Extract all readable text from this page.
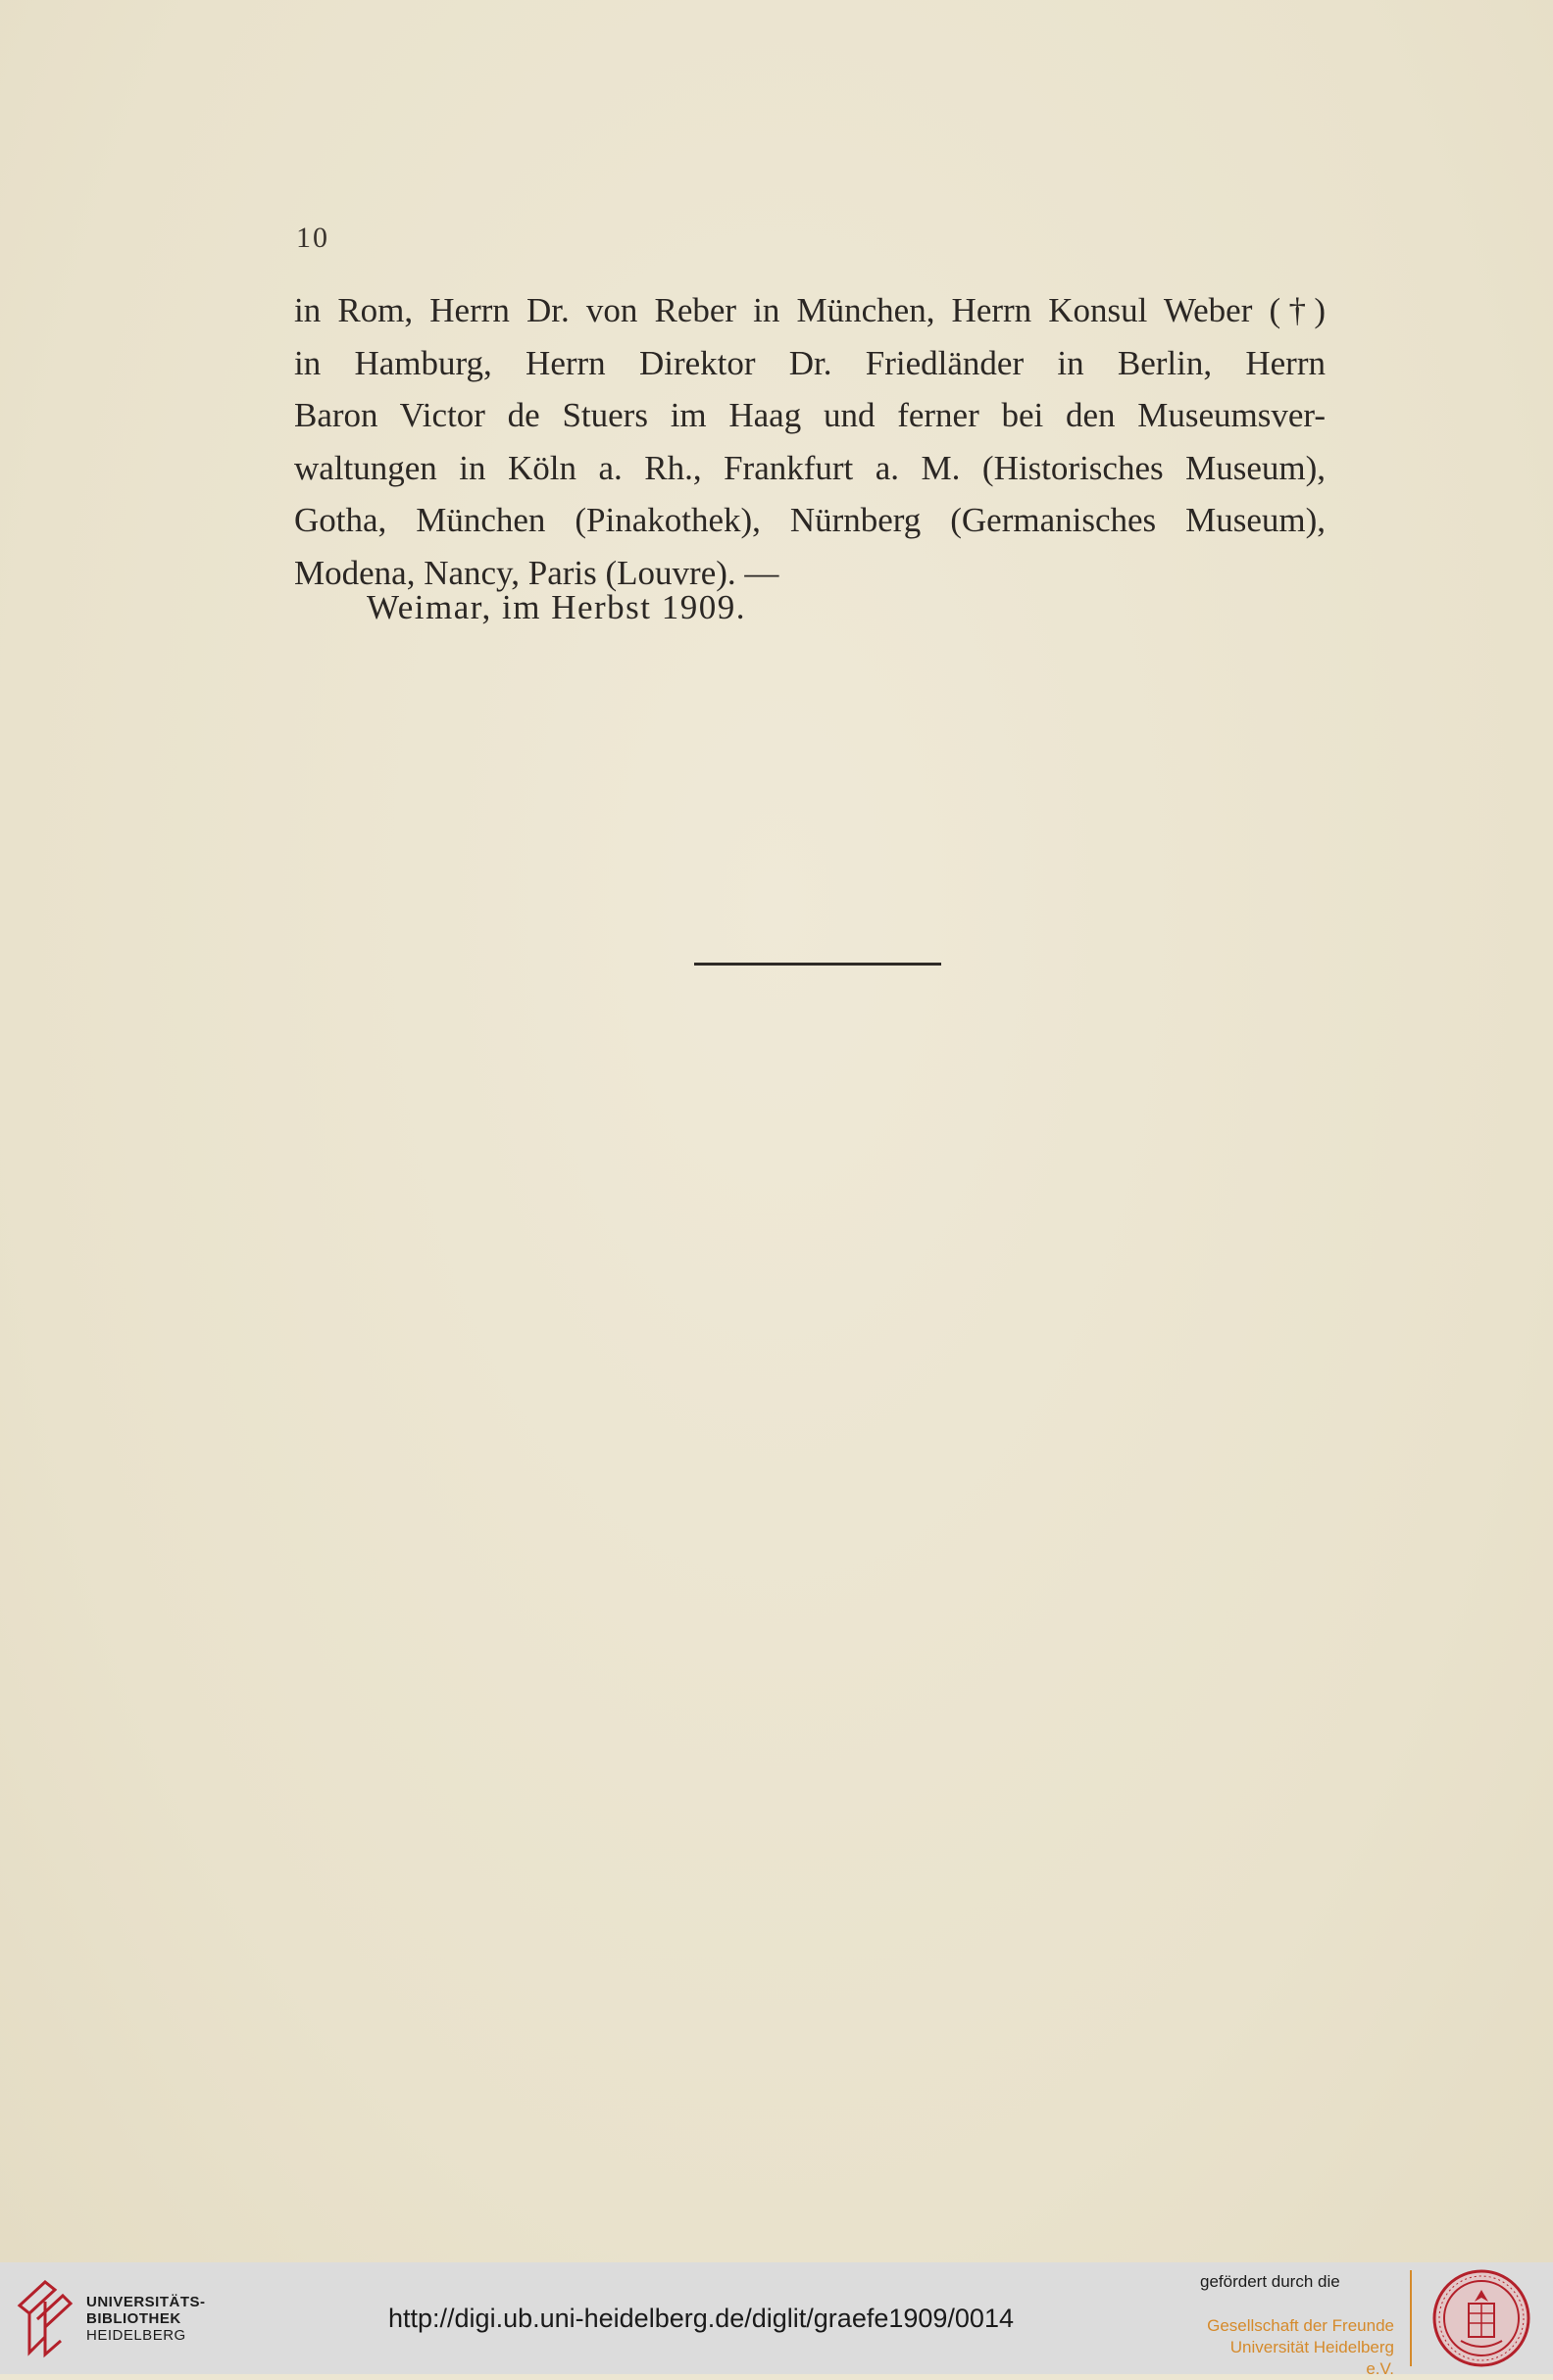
10
in Rom, Herrn Dr. von Reber in München, Herrn Konsul Weber (†)
in Hamburg, Herrn Direktor Dr. Friedländer in Berlin, Herrn
Baron Victor de Stuers im Haag und ferner bei den Museumsver-
waltungen in Köln a. Rh., Frankfurt a. M. (Historisches Museum),
Gotha, München (Pinakothek), Nürnberg (Germanisches Museum),
Modena, Nancy, Paris (Louvre). —
Weimar, im Herbst 1909.
UNIVERSITÄTS-
BIBLIOTHEK
HEIDELBERG
http://digi.ub.uni-heidelberg.de/diglit/graefe1909/0014
gefördert durch die
Gesellschaft der Freunde
Universität Heidelberg e.V.
